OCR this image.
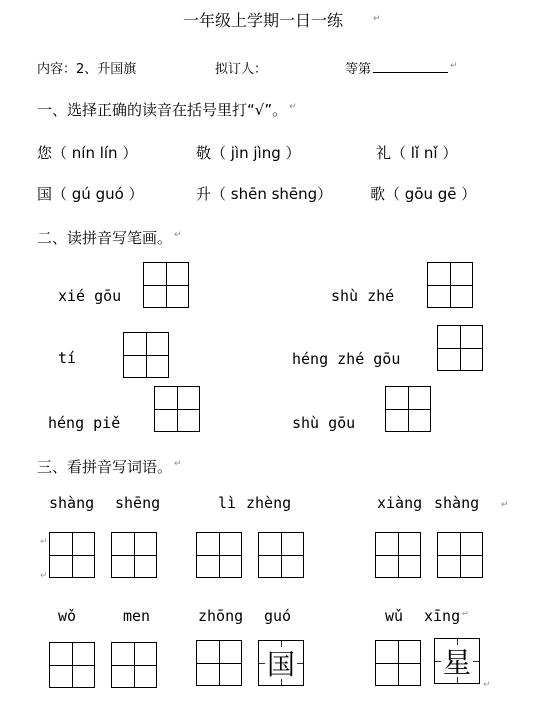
一年级上学期一日一练	↵
内容：2、升国旗	拟订人：	等第	↵
一、选择正确的读音在括号里打“√”。 ↵
您（ nín lín ）	敬（ jìn jìng ）	礼（ lǐ nǐ ）
国（ gú guó ）	升（ shēn shēng）	歌（ gōu gē ）
二、读拼音写笔画。 ↵
xié gōu	shù zhé
tí	héng zhé gōu
héng piě	shù gōu
三、看拼音写词语。 ↵
shàng shēng	lì zhèng	xiàng shàng ↵
↵
↵
wǒ	men	zhōng guó	wǔ xīng ↵
国	星
↵
